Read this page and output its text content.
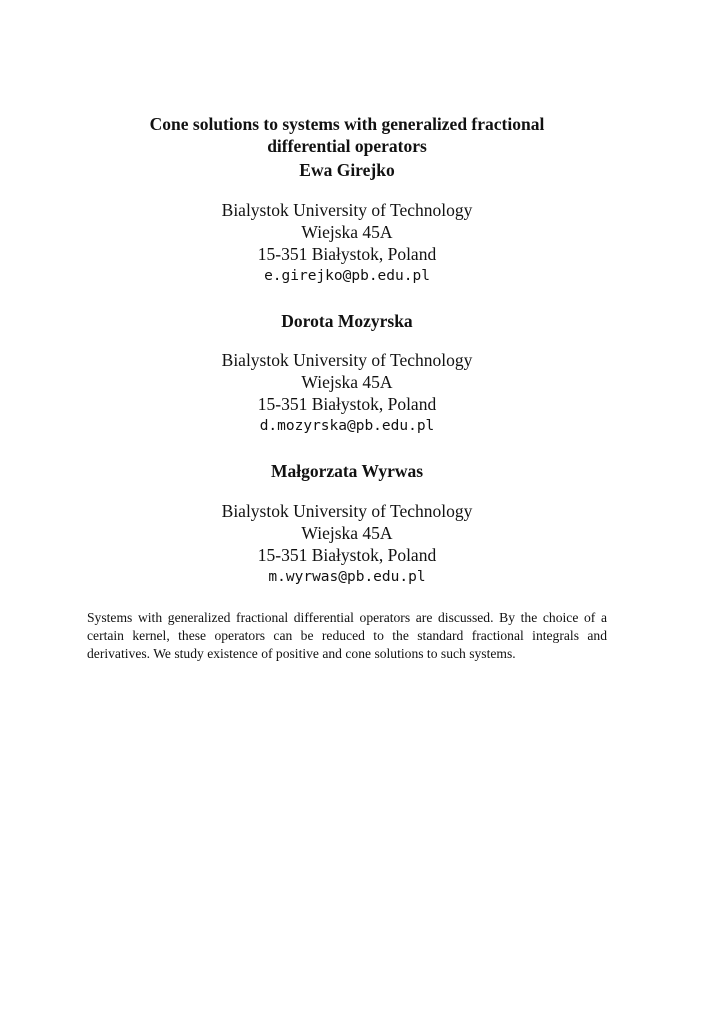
Cone solutions to systems with generalized fractional
differential operators
Ewa Girejko
Bialystok University of Technology
Wiejska 45A
15-351 Białystok, Poland
e.girejko@pb.edu.pl
Dorota Mozyrska
Bialystok University of Technology
Wiejska 45A
15-351 Białystok, Poland
d.mozyrska@pb.edu.pl
Małgorzata Wyrwas
Bialystok University of Technology
Wiejska 45A
15-351 Białystok, Poland
m.wyrwas@pb.edu.pl
Systems with generalized fractional differential operators are discussed. By the choice of a certain kernel, these operators can be reduced to the standard fractional integrals and derivatives. We study existence of positive and cone solutions to such systems.
